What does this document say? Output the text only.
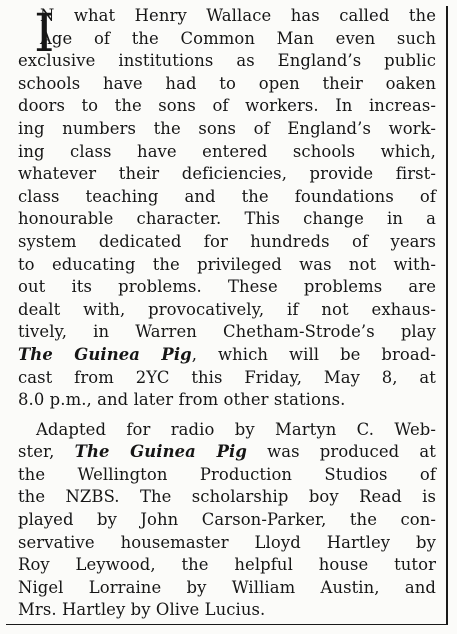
I
N what Henry Wallace has called the
Age of the Common Man even such
exclusive institutions as England’s public
schools have had to open their oaken
doors to the sons of workers. In increas-
ing numbers the sons of England’s work-
ing class have entered schools which,
whatever their deficiencies, provide first-
class teaching and the foundations of
honourable character. This change in a
system dedicated for hundreds of years
to educating the privileged was not with-
out its problems. These problems are
dealt with, provocatively, if not exhaus-
tively, in Warren Chetham-Strode’s play
The Guinea Pig, which will be broad-
cast from 2YC this Friday, May 8, at
8.0 p.m., and later from other stations.
Adapted for radio by Martyn C. Web-
ster, The Guinea Pig was produced at
the Wellington Production Studios of
the NZBS. The scholarship boy Read is
played by John Carson-Parker, the con-
servative housemaster Lloyd Hartley by
Roy Leywood, the helpful house tutor
Nigel Lorraine by William Austin, and
Mrs. Hartley by Olive Lucius.
